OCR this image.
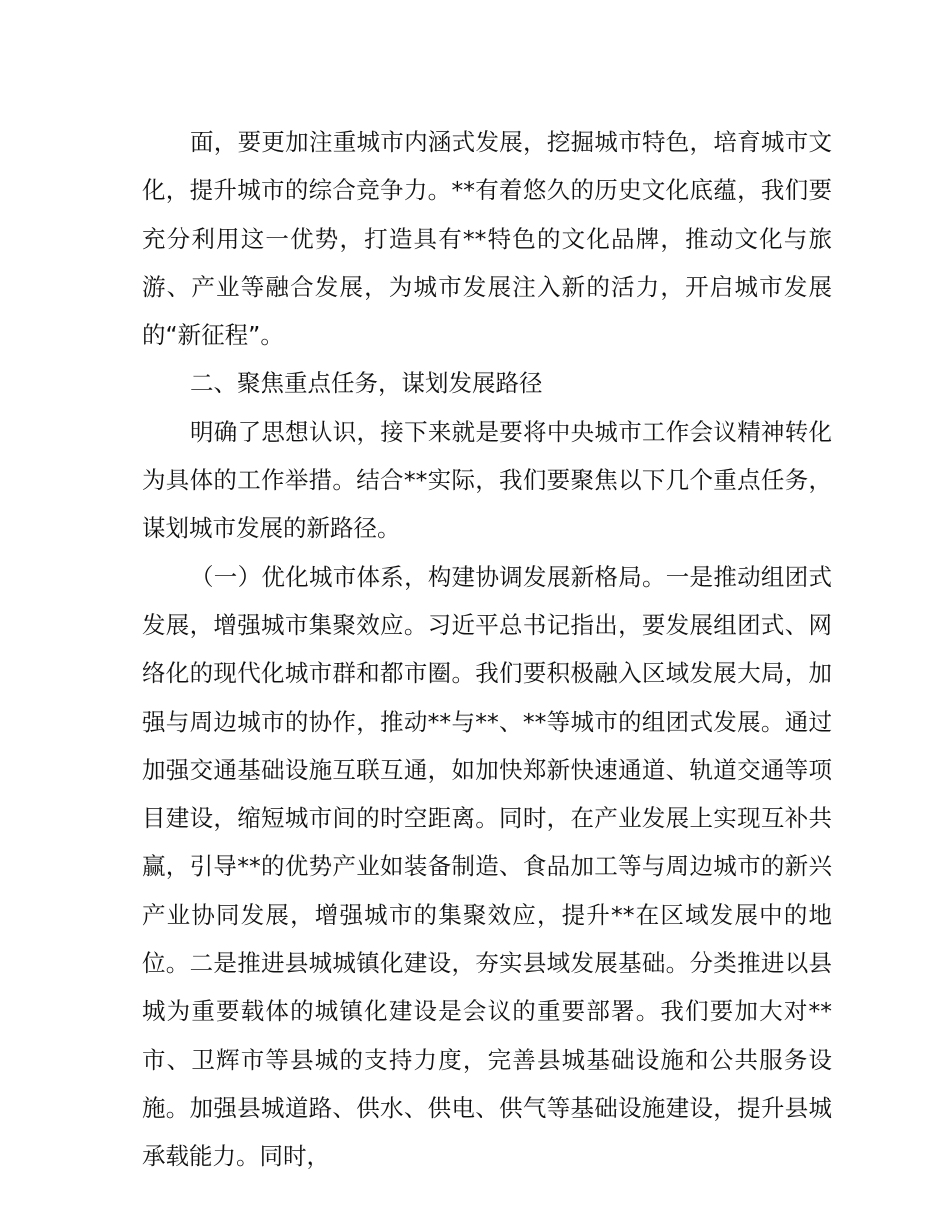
面，要更加注重城市内涵式发展，挖掘城市特色，培育城市文化，提升城市的综合竞争力。**有着悠久的历史文化底蕴，我们要充分利用这一优势，打造具有**特色的文化品牌，推动文化与旅游、产业等融合发展，为城市发展注入新的活力，开启城市发展的“新征程”。

二、聚焦重点任务，谋划发展路径

明确了思想认识，接下来就是要将中央城市工作会议精神转化为具体的工作举措。结合**实际，我们要聚焦以下几个重点任务，谋划城市发展的新路径。

（一）优化城市体系，构建协调发展新格局。一是推动组团式发展，增强城市集聚效应。习近平总书记指出，要发展组团式、网络化的现代化城市群和都市圈。我们要积极融入区域发展大局，加强与周边城市的协作，推动**与**、**等城市的组团式发展。通过加强交通基础设施互联互通，如加快郑新快速通道、轨道交通等项目建设，缩短城市间的时空距离。同时，在产业发展上实现互补共赢，引导**的优势产业如装备制造、食品加工等与周边城市的新兴产业协同发展，增强城市的集聚效应，提升**在区域发展中的地位。二是推进县城城镇化建设，夯实县域发展基础。分类推进以县城为重要载体的城镇化建设是会议的重要部署。我们要加大对**市、卫辉市等县城的支持力度，完善县城基础设施和公共服务设施。加强县城道路、供水、供电、供气等基础设施建设，提升县城承载能力。同时，
